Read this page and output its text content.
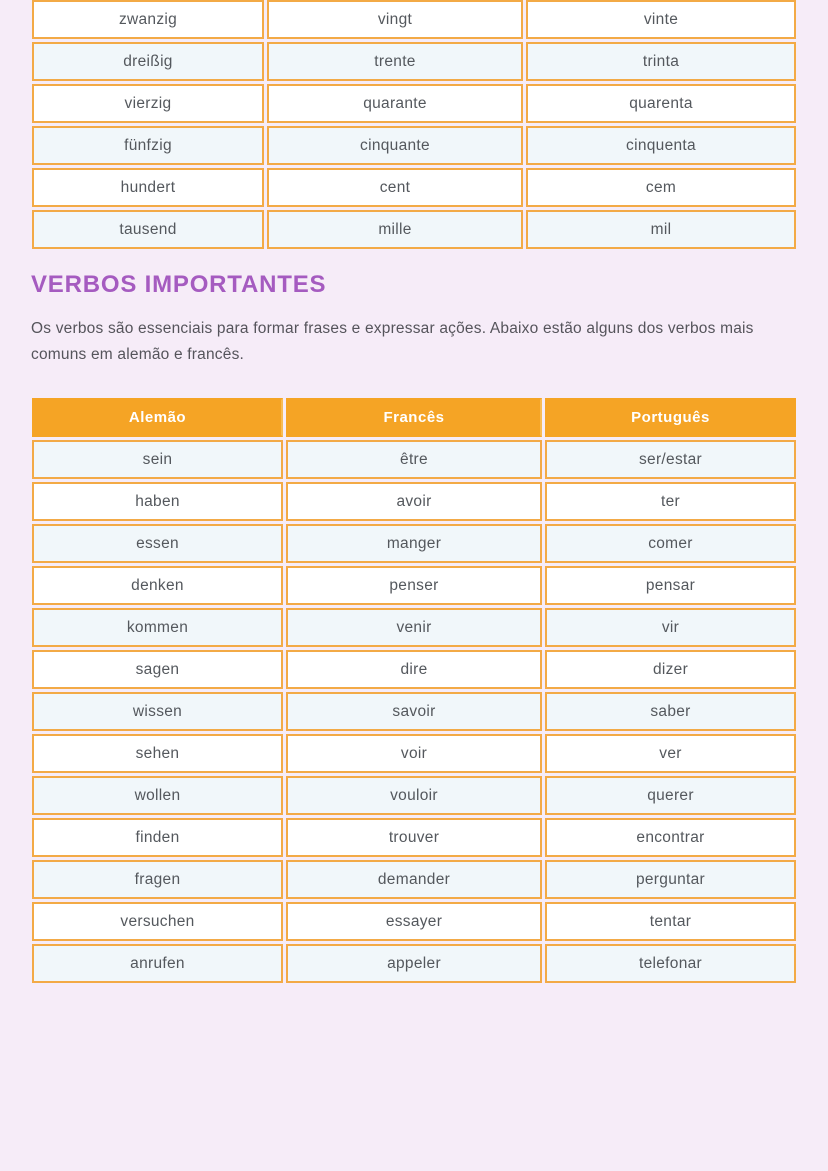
zwanzig	vingt	vinte
dreißig	trente	trinta
vierzig	quarante	quarenta
fünfzig	cinquante	cinquenta
hundert	cent	cem
tausend	mille	mil
VERBOS IMPORTANTES

Os verbos são essenciais para formar frases e expressar ações. Abaixo estão alguns dos verbos mais comuns em alemão e francês.

Alemão	Francês	Português
sein	être	ser/estar
haben	avoir	ter
essen	manger	comer
denken	penser	pensar
kommen	venir	vir
sagen	dire	dizer
wissen	savoir	saber
sehen	voir	ver
wollen	vouloir	querer
finden	trouver	encontrar
fragen	demander	perguntar
versuchen	essayer	tentar
anrufen	appeler	telefonar
